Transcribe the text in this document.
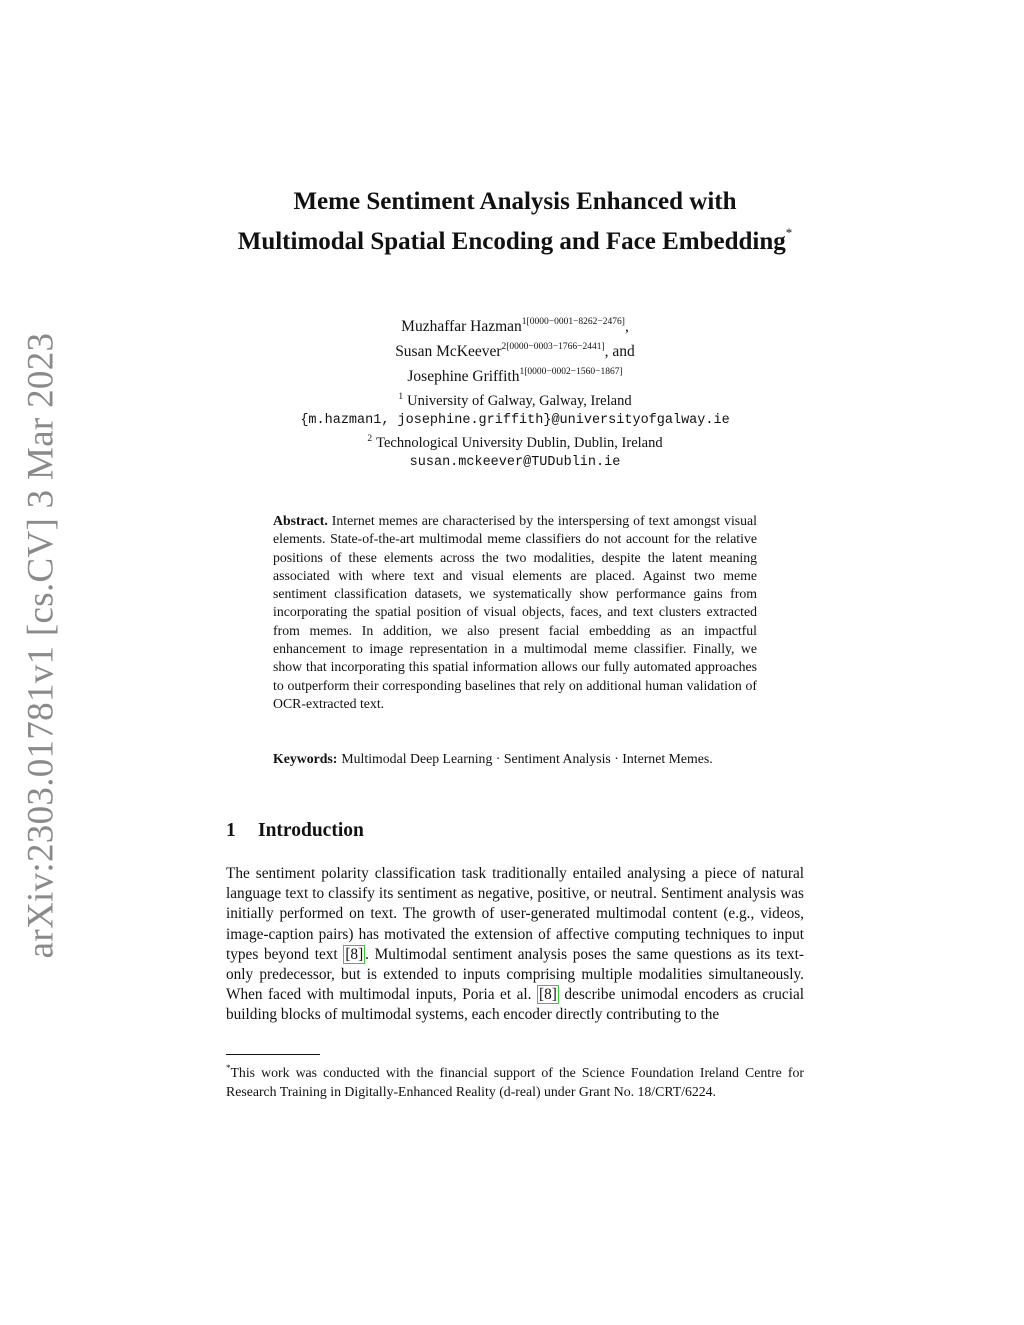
arXiv:2303.01781v1 [cs.CV] 3 Mar 2023
Meme Sentiment Analysis Enhanced with Multimodal Spatial Encoding and Face Embedding*
Muzhaffar Hazman$^{1[0000-0001-8262-2476]}$,
Susan McKeever$^{2[0000-0003-1766-2441]}$, and
Josephine Griffith$^{1[0000-0002-1560-1867]}$
$^1$ University of Galway, Galway, Ireland
{m.hazman1, josephine.griffith}@universityofgalway.ie
$^2$ Technological University Dublin, Dublin, Ireland
susan.mckeever@TUDublin.ie

Abstract. Internet memes are characterised by the interspersing of text amongst visual elements. State-of-the-art multimodal meme classifiers do not account for the relative positions of these elements across the two modalities, despite the latent meaning associated with where text and visual elements are placed. Against two meme sentiment classification datasets, we systematically show performance gains from incorporating the spatial position of visual objects, faces, and text clusters extracted from memes. In addition, we also present facial embedding as an impactful enhancement to image representation in a multimodal meme classifier. Finally, we show that incorporating this spatial information allows our fully automated approaches to outperform their corresponding baselines that rely on additional human validation of OCR-extracted text.

Keywords: Multimodal Deep Learning · Sentiment Analysis · Internet Memes.

1 Introduction

The sentiment polarity classification task traditionally entailed analysing a piece of natural language text to classify its sentiment as negative, positive, or neutral. Sentiment analysis was initially performed on text. The growth of user-generated multimodal content (e.g., videos, image-caption pairs) has motivated the extension of affective computing techniques to input types beyond text [8] . Multimodal sentiment analysis poses the same questions as its text-only predecessor, but is extended to inputs comprising multiple modalities simultaneously. When faced with multimodal inputs, Poria et al. [8] describe unimodal encoders as crucial building blocks of multimodal systems, each encoder directly contributing to the

*This work was conducted with the financial support of the Science Foundation Ireland Centre for Research Training in Digitally-Enhanced Reality (d-real) under Grant No. 18/CRT/6224.
